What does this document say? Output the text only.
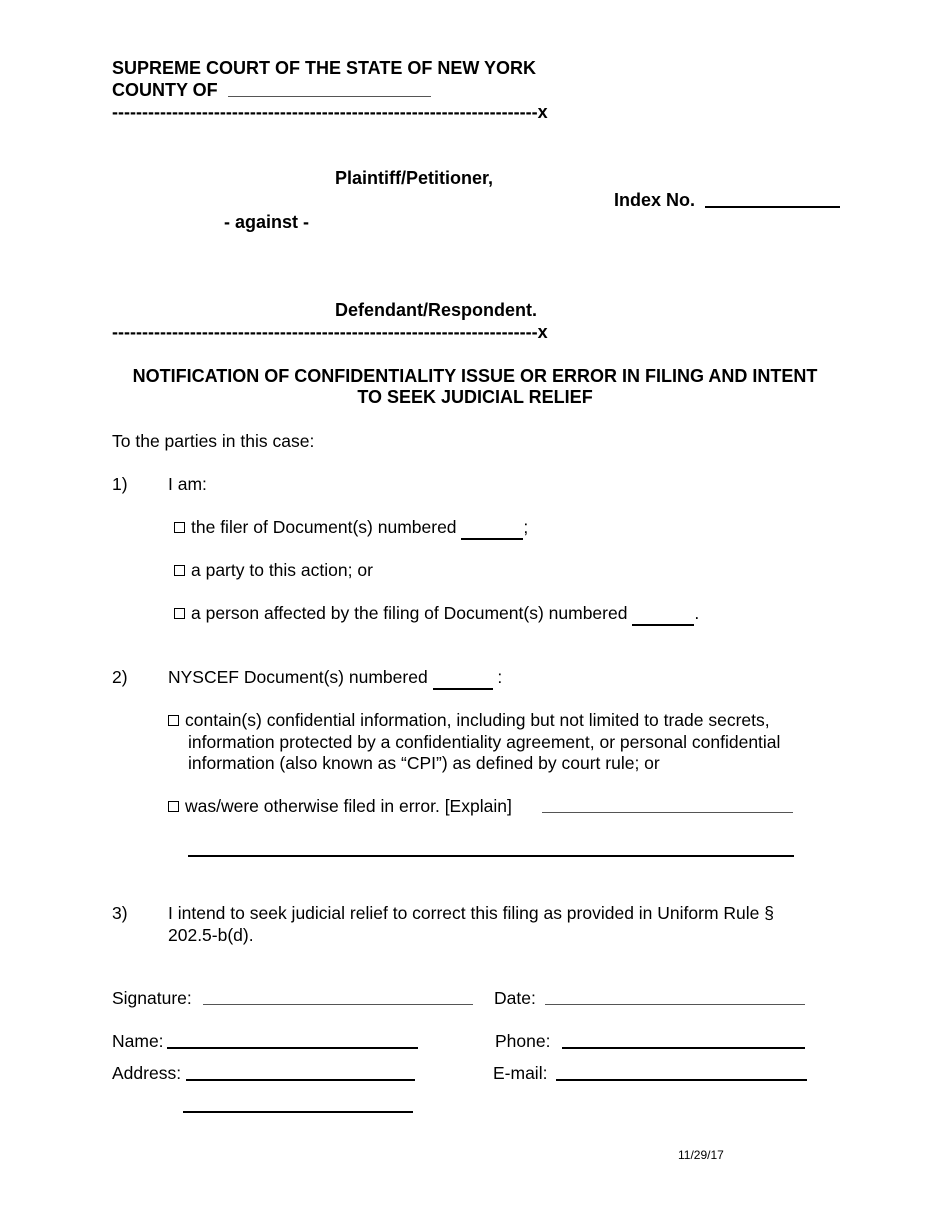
SUPREME COURT OF THE STATE OF NEW YORK
COUNTY OF
-----------------------------------------------------------------------x
Plaintiff/Petitioner,
Index No.
- against -
Defendant/Respondent.
-----------------------------------------------------------------------x
NOTIFICATION OF CONFIDENTIALITY ISSUE OR ERROR IN FILING AND INTENT
TO SEEK JUDICIAL RELIEF
To the parties in this case:
1) I am:
the filer of Document(s) numbered	;
a party to this action; or
a person affected by the filing of Document(s) numbered	.
2) NYSCEF Document(s) numbered	:
contain(s) confidential information, including but not limited to trade secrets,
information protected by a confidentiality agreement, or personal confidential
information (also known as “CPI”) as defined by court rule; or
was/were otherwise filed in error. [Explain]
3) I intend to seek judicial relief to correct this filing as provided in Uniform Rule §
202.5-b(d).
Signature:	Date:
Name:	Phone:
Address:	E-mail:
11/29/17
